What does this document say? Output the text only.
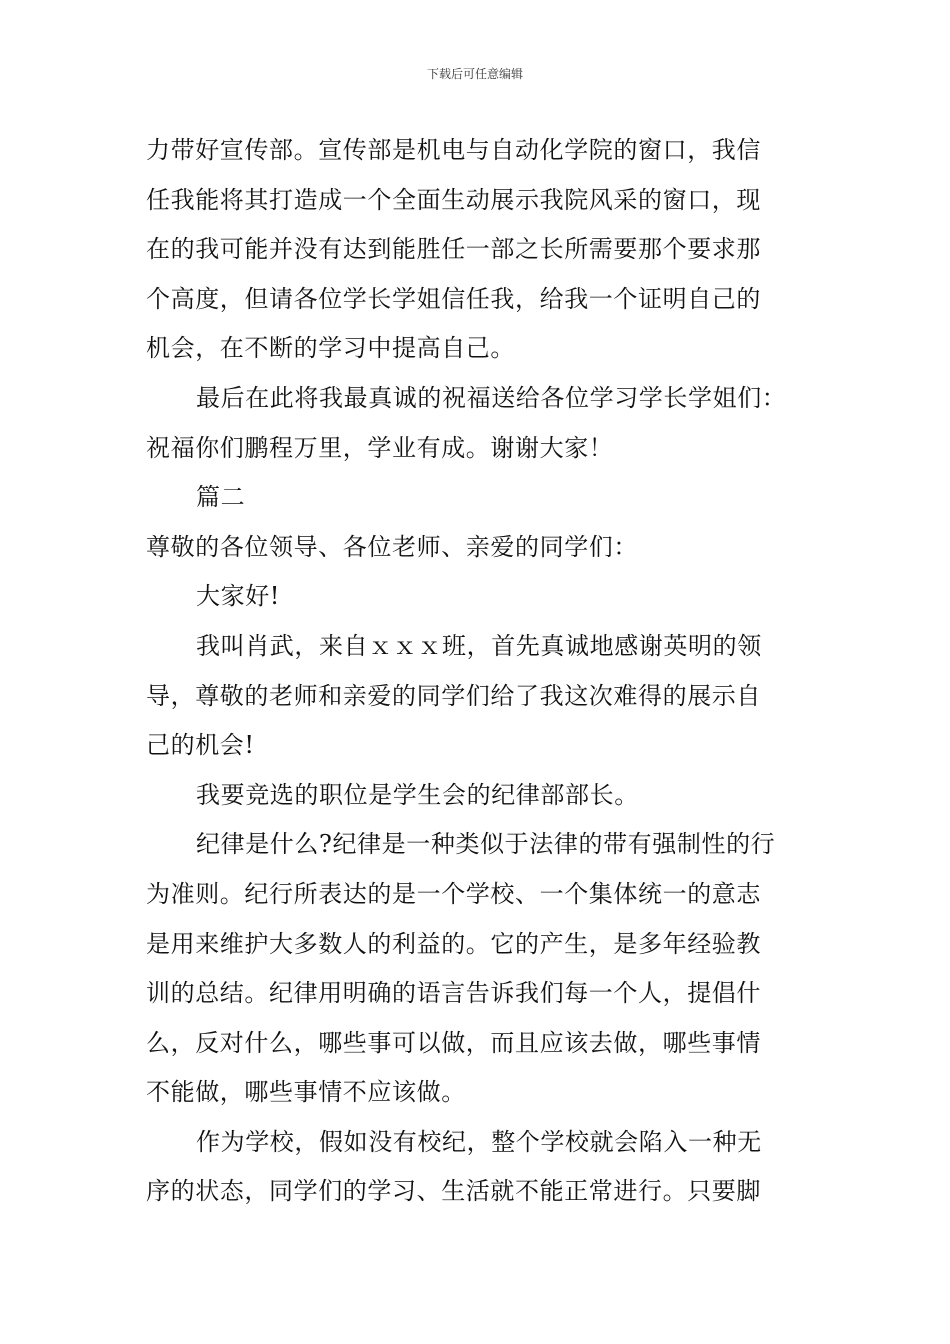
下载后可任意编辑
力带好宣传部。宣传部是机电与自动化学院的窗口，我信
任我能将其打造成一个全面生动展示我院风采的窗口，现
在的我可能并没有达到能胜任一部之长所需要那个要求那
个高度，但请各位学长学姐信任我，给我一个证明自己的
机会，在不断的学习中提高自己。
最后在此将我最真诚的祝福送给各位学习学长学姐们：
祝福你们鹏程万里，学业有成。谢谢大家！
篇二
尊敬的各位领导、各位老师、亲爱的同学们：
大家好!
我叫肖武，来自ｘｘｘ班，首先真诚地感谢英明的领
导，尊敬的老师和亲爱的同学们给了我这次难得的展示自
己的机会!
我要竞选的职位是学生会的纪律部部长。
纪律是什么?纪律是一种类似于法律的带有强制性的行
为准则。纪行所表达的是一个学校、一个集体统一的意志
是用来维护大多数人的利益的。它的产生，是多年经验教
训的总结。纪律用明确的语言告诉我们每一个人，提倡什
么，反对什么，哪些事可以做，而且应该去做，哪些事情
不能做，哪些事情不应该做。
作为学校，假如没有校纪，整个学校就会陷入一种无
序的状态，同学们的学习、生活就不能正常进行。只要脚
